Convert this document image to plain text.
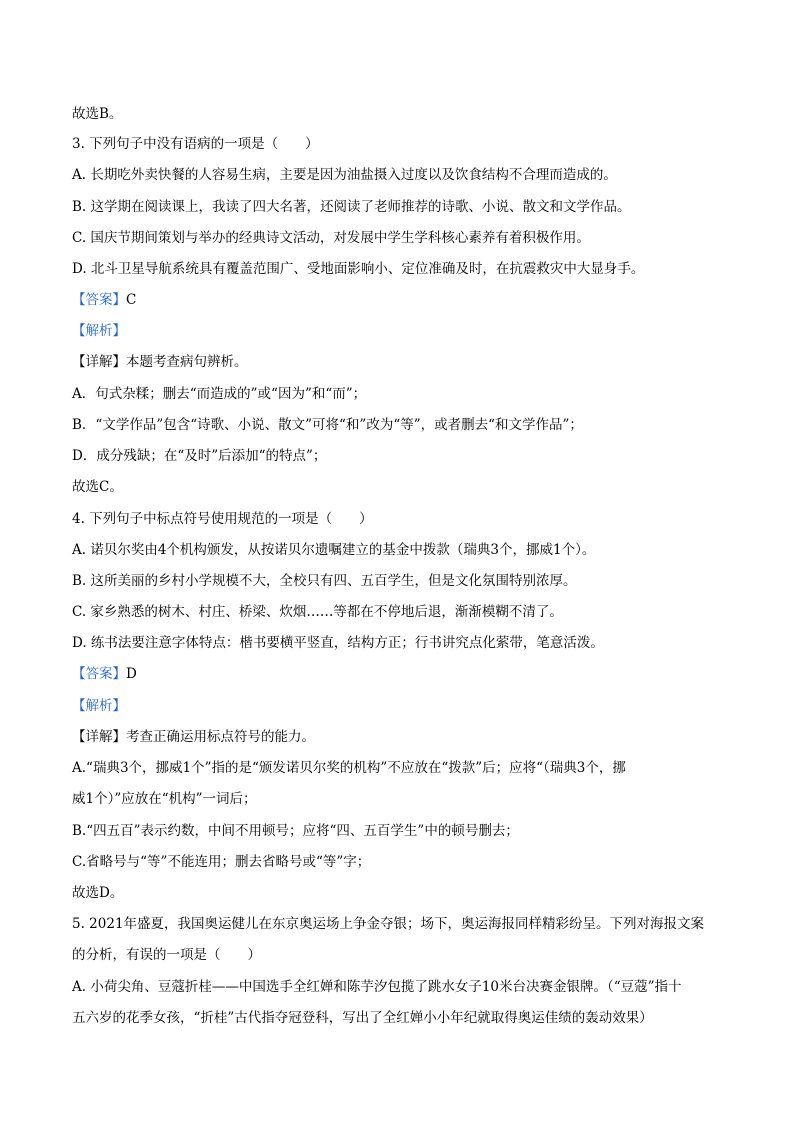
故选B。
3. 下列句子中没有语病的一项是（　　）
A. 长期吃外卖快餐的人容易生病，主要是因为油盐摄入过度以及饮食结构不合理而造成的。
B. 这学期在阅读课上，我读了四大名著，还阅读了老师推荐的诗歌、小说、散文和文学作品。
C. 国庆节期间策划与举办的经典诗文活动，对发展中学生学科核心素养有着积极作用。
D. 北斗卫星导航系统具有覆盖范围广、受地面影响小、定位准确及时，在抗震救灾中大显身手。
【答案】C
【解析】
【详解】本题考查病句辨析。
A．句式杂糅；删去“而造成的”或“因为”和“而”；
B．“文学作品”包含“诗歌、小说、散文”可将“和”改为“等”，或者删去“和文学作品”；
D．成分残缺；在“及时”后添加“的特点”；
故选C。
4. 下列句子中标点符号使用规范的一项是（　　）
A. 诺贝尔奖由4个机构颁发，从按诺贝尔遗嘱建立的基金中拨款（瑞典3个，挪威1个）。
B. 这所美丽的乡村小学规模不大，全校只有四、五百学生，但是文化氛围特别浓厚。
C. 家乡熟悉的树木、村庄、桥梁、炊烟……等都在不停地后退，渐渐模糊不清了。
D. 练书法要注意字体特点：楷书要横平竖直，结构方正；行书讲究点化萦带，笔意活泼。
【答案】D
【解析】
【详解】考查正确运用标点符号的能力。
A.“瑞典3个，挪威1个”指的是“颁发诺贝尔奖的机构”不应放在“拨款”后；应将“（瑞典3个，挪
威1个）”应放在“机构”一词后；
B.“四五百”表示约数，中间不用顿号；应将“四、五百学生”中的顿号删去；
C.省略号与“等”不能连用；删去省略号或“等”字；
故选D。
5. 2021年盛夏，我国奥运健儿在东京奥运场上争金夺银；场下，奥运海报同样精彩纷呈。下列对海报文案
的分析，有误的一项是（　　）
A. 小荷尖角、豆蔻折桂——中国选手全红婵和陈芋汐包揽了跳水女子10米台决赛金银牌。（“豆蔻”指十
五六岁的花季女孩，“折桂”古代指夺冠登科，写出了全红婵小小年纪就取得奥运佳绩的轰动效果）
